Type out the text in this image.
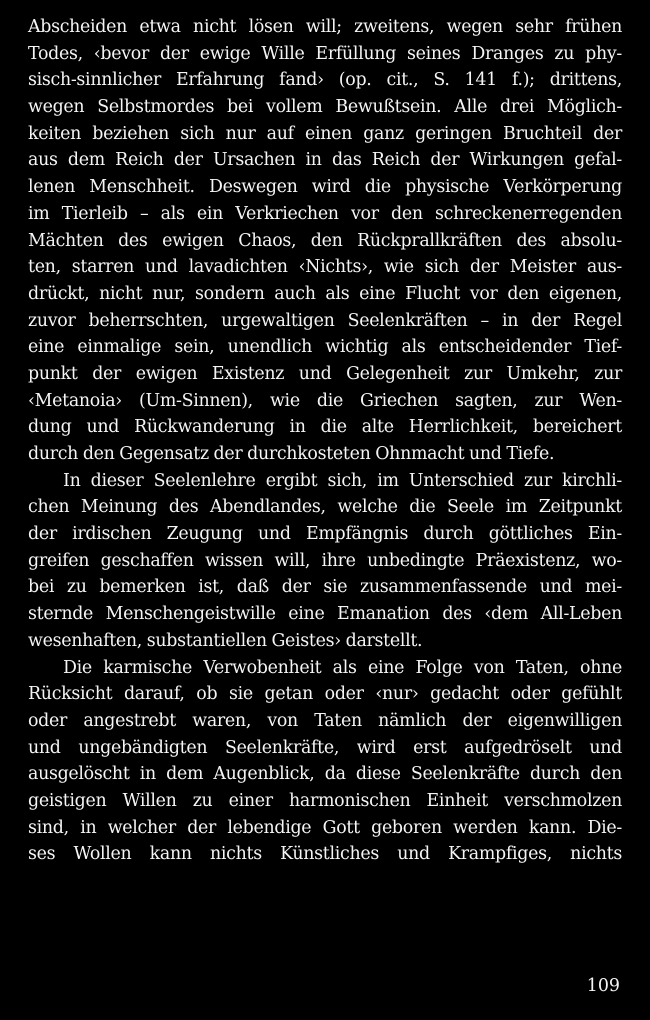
Abscheiden etwa nicht lösen will; zweitens, wegen sehr frühen
Todes, ‹bevor der ewige Wille Erfüllung seines Dranges zu phy-
sisch-sinnlicher Erfahrung fand› (op. cit., S. 141 f.); drittens,
wegen Selbstmordes bei vollem Bewußtsein. Alle drei Möglich-
keiten beziehen sich nur auf einen ganz geringen Bruchteil der
aus dem Reich der Ursachen in das Reich der Wirkungen gefal-
lenen Menschheit. Deswegen wird die physische Verkörperung
im Tierleib – als ein Verkriechen vor den schreckenerregenden
Mächten des ewigen Chaos, den Rückprallkräften des absolu-
ten, starren und lavadichten ‹Nichts›, wie sich der Meister aus-
drückt, nicht nur, sondern auch als eine Flucht vor den eigenen,
zuvor beherrschten, urgewaltigen Seelenkräften – in der Regel
eine einmalige sein, unendlich wichtig als entscheidender Tief-
punkt der ewigen Existenz und Gelegenheit zur Umkehr, zur
‹Metanoia› (Um-Sinnen), wie die Griechen sagten, zur Wen-
dung und Rückwanderung in die alte Herrlichkeit, bereichert
durch den Gegensatz der durchkosteten Ohnmacht und Tiefe.
In dieser Seelenlehre ergibt sich, im Unterschied zur kirchli-
chen Meinung des Abendlandes, welche die Seele im Zeitpunkt
der irdischen Zeugung und Empfängnis durch göttliches Ein-
greifen geschaffen wissen will, ihre unbedingte Präexistenz, wo-
bei zu bemerken ist, daß der sie zusammenfassende und mei-
sternde Menschengeistwille eine Emanation des ‹dem All-Leben
wesenhaften, substantiellen Geistes› darstellt.
Die karmische Verwobenheit als eine Folge von Taten, ohne
Rücksicht darauf, ob sie getan oder ‹nur› gedacht oder gefühlt
oder angestrebt waren, von Taten nämlich der eigenwilligen
und ungebändigten Seelenkräfte, wird erst aufgedröselt und
ausgelöscht in dem Augenblick, da diese Seelenkräfte durch den
geistigen Willen zu einer harmonischen Einheit verschmolzen
sind, in welcher der lebendige Gott geboren werden kann. Die-
ses Wollen kann nichts Künstliches und Krampfiges, nichts
109
